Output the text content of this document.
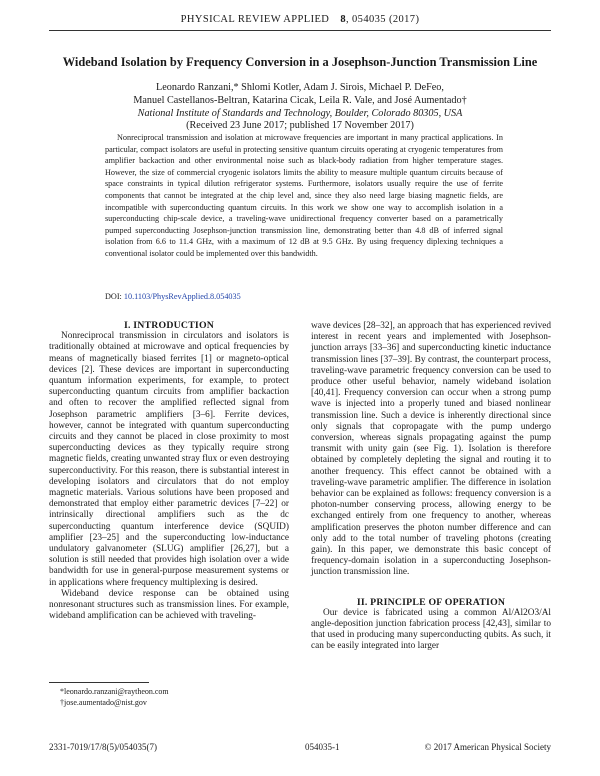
PHYSICAL REVIEW APPLIED 8, 054035 (2017)
Wideband Isolation by Frequency Conversion in a Josephson-Junction Transmission Line
Leonardo Ranzani,* Shlomi Kotler, Adam J. Sirois, Michael P. DeFeo,
Manuel Castellanos-Beltran, Katarina Cicak, Leila R. Vale, and José Aumentado†
National Institute of Standards and Technology, Boulder, Colorado 80305, USA
(Received 23 June 2017; published 17 November 2017)

Nonreciprocal transmission and isolation at microwave frequencies are important in many practical applications. In particular, compact isolators are useful in protecting sensitive quantum circuits operating at cryogenic temperatures from amplifier backaction and other environmental noise such as black-body radiation from higher temperature stages. However, the size of commercial cryogenic isolators limits the ability to measure multiple quantum circuits because of space constraints in typical dilution refrigerator systems. Furthermore, isolators usually require the use of ferrite components that cannot be integrated at the chip level and, since they also need large biasing magnetic fields, are incompatible with superconducting quantum circuits. In this work we show one way to accomplish isolation in a superconducting chip-scale device, a traveling-wave unidirectional frequency converter based on a parametrically pumped superconducting Josephson-junction transmission line, demonstrating better than 4.8 dB of inferred signal isolation from 6.6 to 11.4 GHz, with a maximum of 12 dB at 9.5 GHz. By using frequency diplexing techniques a conventional isolator could be implemented over this bandwidth.

DOI: 10.1103/PhysRevApplied.8.054035

I. INTRODUCTION

Nonreciprocal transmission in circulators and isolators is traditionally obtained at microwave and optical frequencies by means of magnetically biased ferrites [1] or magneto-optical devices [2]. These devices are important in superconducting quantum information experiments, for example, to protect superconducting quantum circuits from amplifier backaction and often to recover the amplified reflected signal from Josephson parametric amplifiers [3–6]. Ferrite devices, however, cannot be integrated with quantum superconducting circuits and they cannot be placed in close proximity to most superconducting devices as they typically require strong magnetic fields, creating unwanted stray flux or even destroying superconductivity. For this reason, there is substantial interest in developing isolators and circulators that do not employ magnetic materials. Various solutions have been proposed and demonstrated that employ either parametric devices [7–22] or intrinsically directional amplifiers such as the dc superconducting quantum interference device (SQUID) amplifier [23–25] and the superconducting low-inductance undulatory galvanometer (SLUG) amplifier [26,27], but a solution is still needed that provides high isolation over a wide bandwidth for use in general-purpose measurement systems or in applications where frequency multiplexing is desired.

Wideband device response can be obtained using nonresonant structures such as transmission lines. For example, wideband amplification can be achieved with traveling-

wave devices [28–32], an approach that has experienced revived interest in recent years and implemented with Josephson-junction arrays [33–36] and superconducting kinetic inductance transmission lines [37–39]. By contrast, the counterpart process, traveling-wave parametric frequency conversion can be used to produce other useful behavior, namely wideband isolation [40,41]. Frequency conversion can occur when a strong pump wave is injected into a properly tuned and biased nonlinear transmission line. Such a device is inherently directional since only signals that copropagate with the pump undergo conversion, whereas signals propagating against the pump transmit with unity gain (see Fig. 1). Isolation is therefore obtained by completely depleting the signal and routing it to another frequency. This effect cannot be obtained with a traveling-wave parametric amplifier. The difference in isolation behavior can be explained as follows: frequency conversion is a photon-number conserving process, allowing energy to be exchanged entirely from one frequency to another, whereas amplification preserves the photon number difference and can only add to the total number of traveling photons (creating gain). In this paper, we demonstrate this basic concept of frequency-domain isolation in a superconducting Josephson-junction transmission line.

II. PRINCIPLE OF OPERATION

Our device is fabricated using a common Al/Al2O3/Al angle-deposition junction fabrication process [42,43], similar to that used in producing many superconducting qubits. As such, it can be easily integrated into larger

*leonardo.ranzani@raytheon.com
†jose.aumentado@nist.gov
2331-7019/17/8(5)/054035(7)	054035-1	© 2017 American Physical Society
